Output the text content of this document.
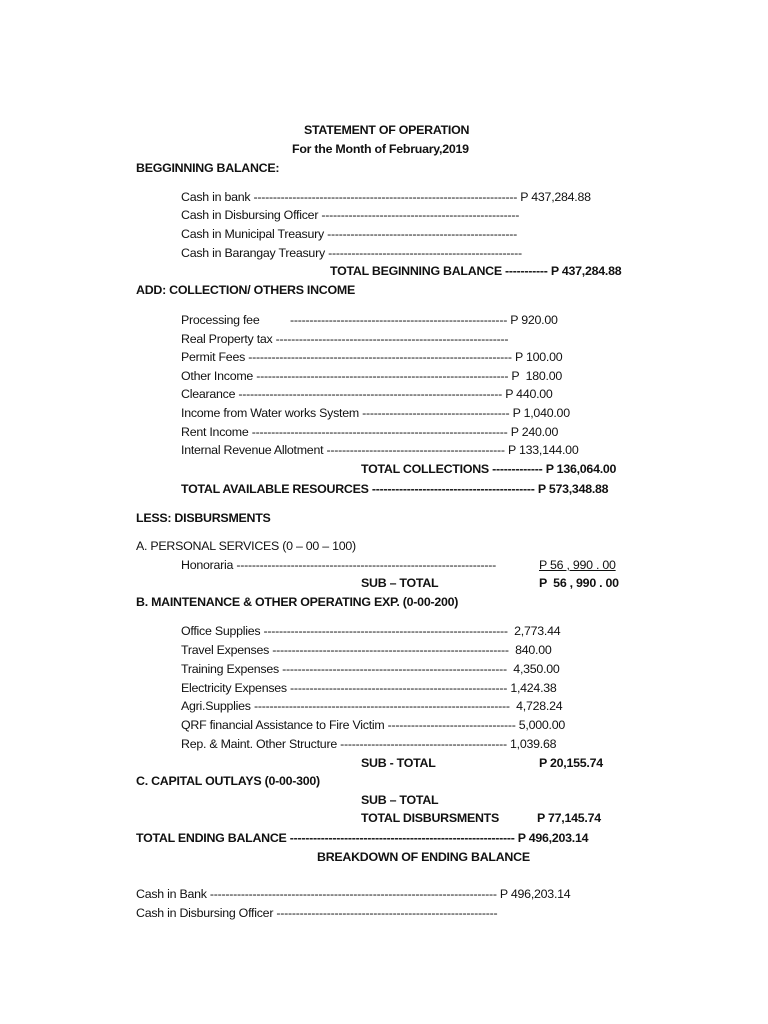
STATEMENT OF OPERATION
For the Month of February,2019
BEGGINNING BALANCE:
Cash in bank -------------------------------------------------------------------- P 437,284.88
Cash in Disbursing Officer ---------------------------------------------------
Cash in Municipal Treasury -------------------------------------------------
Cash in Barangay Treasury --------------------------------------------------
TOTAL BEGINNING BALANCE ----------- P 437,284.88
ADD: COLLECTION/ OTHERS INCOME
Processing fee -------------------------------------------------------- P 920.00
Real Property tax ------------------------------------------------------------
Permit Fees -------------------------------------------------------------------- P 100.00
Other Income ----------------------------------------------------------------- P  180.00
Clearance -------------------------------------------------------------------- P 440.00
Income from Water works System -------------------------------------- P 1,040.00
Rent Income ------------------------------------------------------------------ P 240.00
Internal Revenue Allotment ---------------------------------------------- P 133,144.00
TOTAL COLLECTIONS ------------- P 136,064.00
TOTAL AVAILABLE RESOURCES ------------------------------------------ P 573,348.88
LESS: DISBURSMENTS
A. PERSONAL SERVICES (0 – 00 – 100)
Honoraria -------------------------------------------------------------------	P 56 , 990 . 00
SUB – TOTAL	P  56 , 990 . 00
B. MAINTENANCE & OTHER OPERATING EXP. (0-00-200)
Office Supplies ---------------------------------------------------------------  2,773.44
Travel Expenses -------------------------------------------------------------  840.00
Training Expenses ----------------------------------------------------------  4,350.00
Electricity Expenses -------------------------------------------------------- 1,424.38
Agri.Supplies ------------------------------------------------------------------  4,728.24
QRF financial Assistance to Fire Victim --------------------------------- 5,000.00
Rep. & Maint. Other Structure ------------------------------------------- 1,039.68
SUB - TOTAL	P 20,155.74
C. CAPITAL OUTLAYS (0-00-300)
SUB – TOTAL
TOTAL DISBURSMENTS	P 77,145.74
TOTAL ENDING BALANCE ---------------------------------------------------------- P 496,203.14
BREAKDOWN OF ENDING BALANCE
Cash in Bank -------------------------------------------------------------------------- P 496,203.14
Cash in Disbursing Officer ---------------------------------------------------------
